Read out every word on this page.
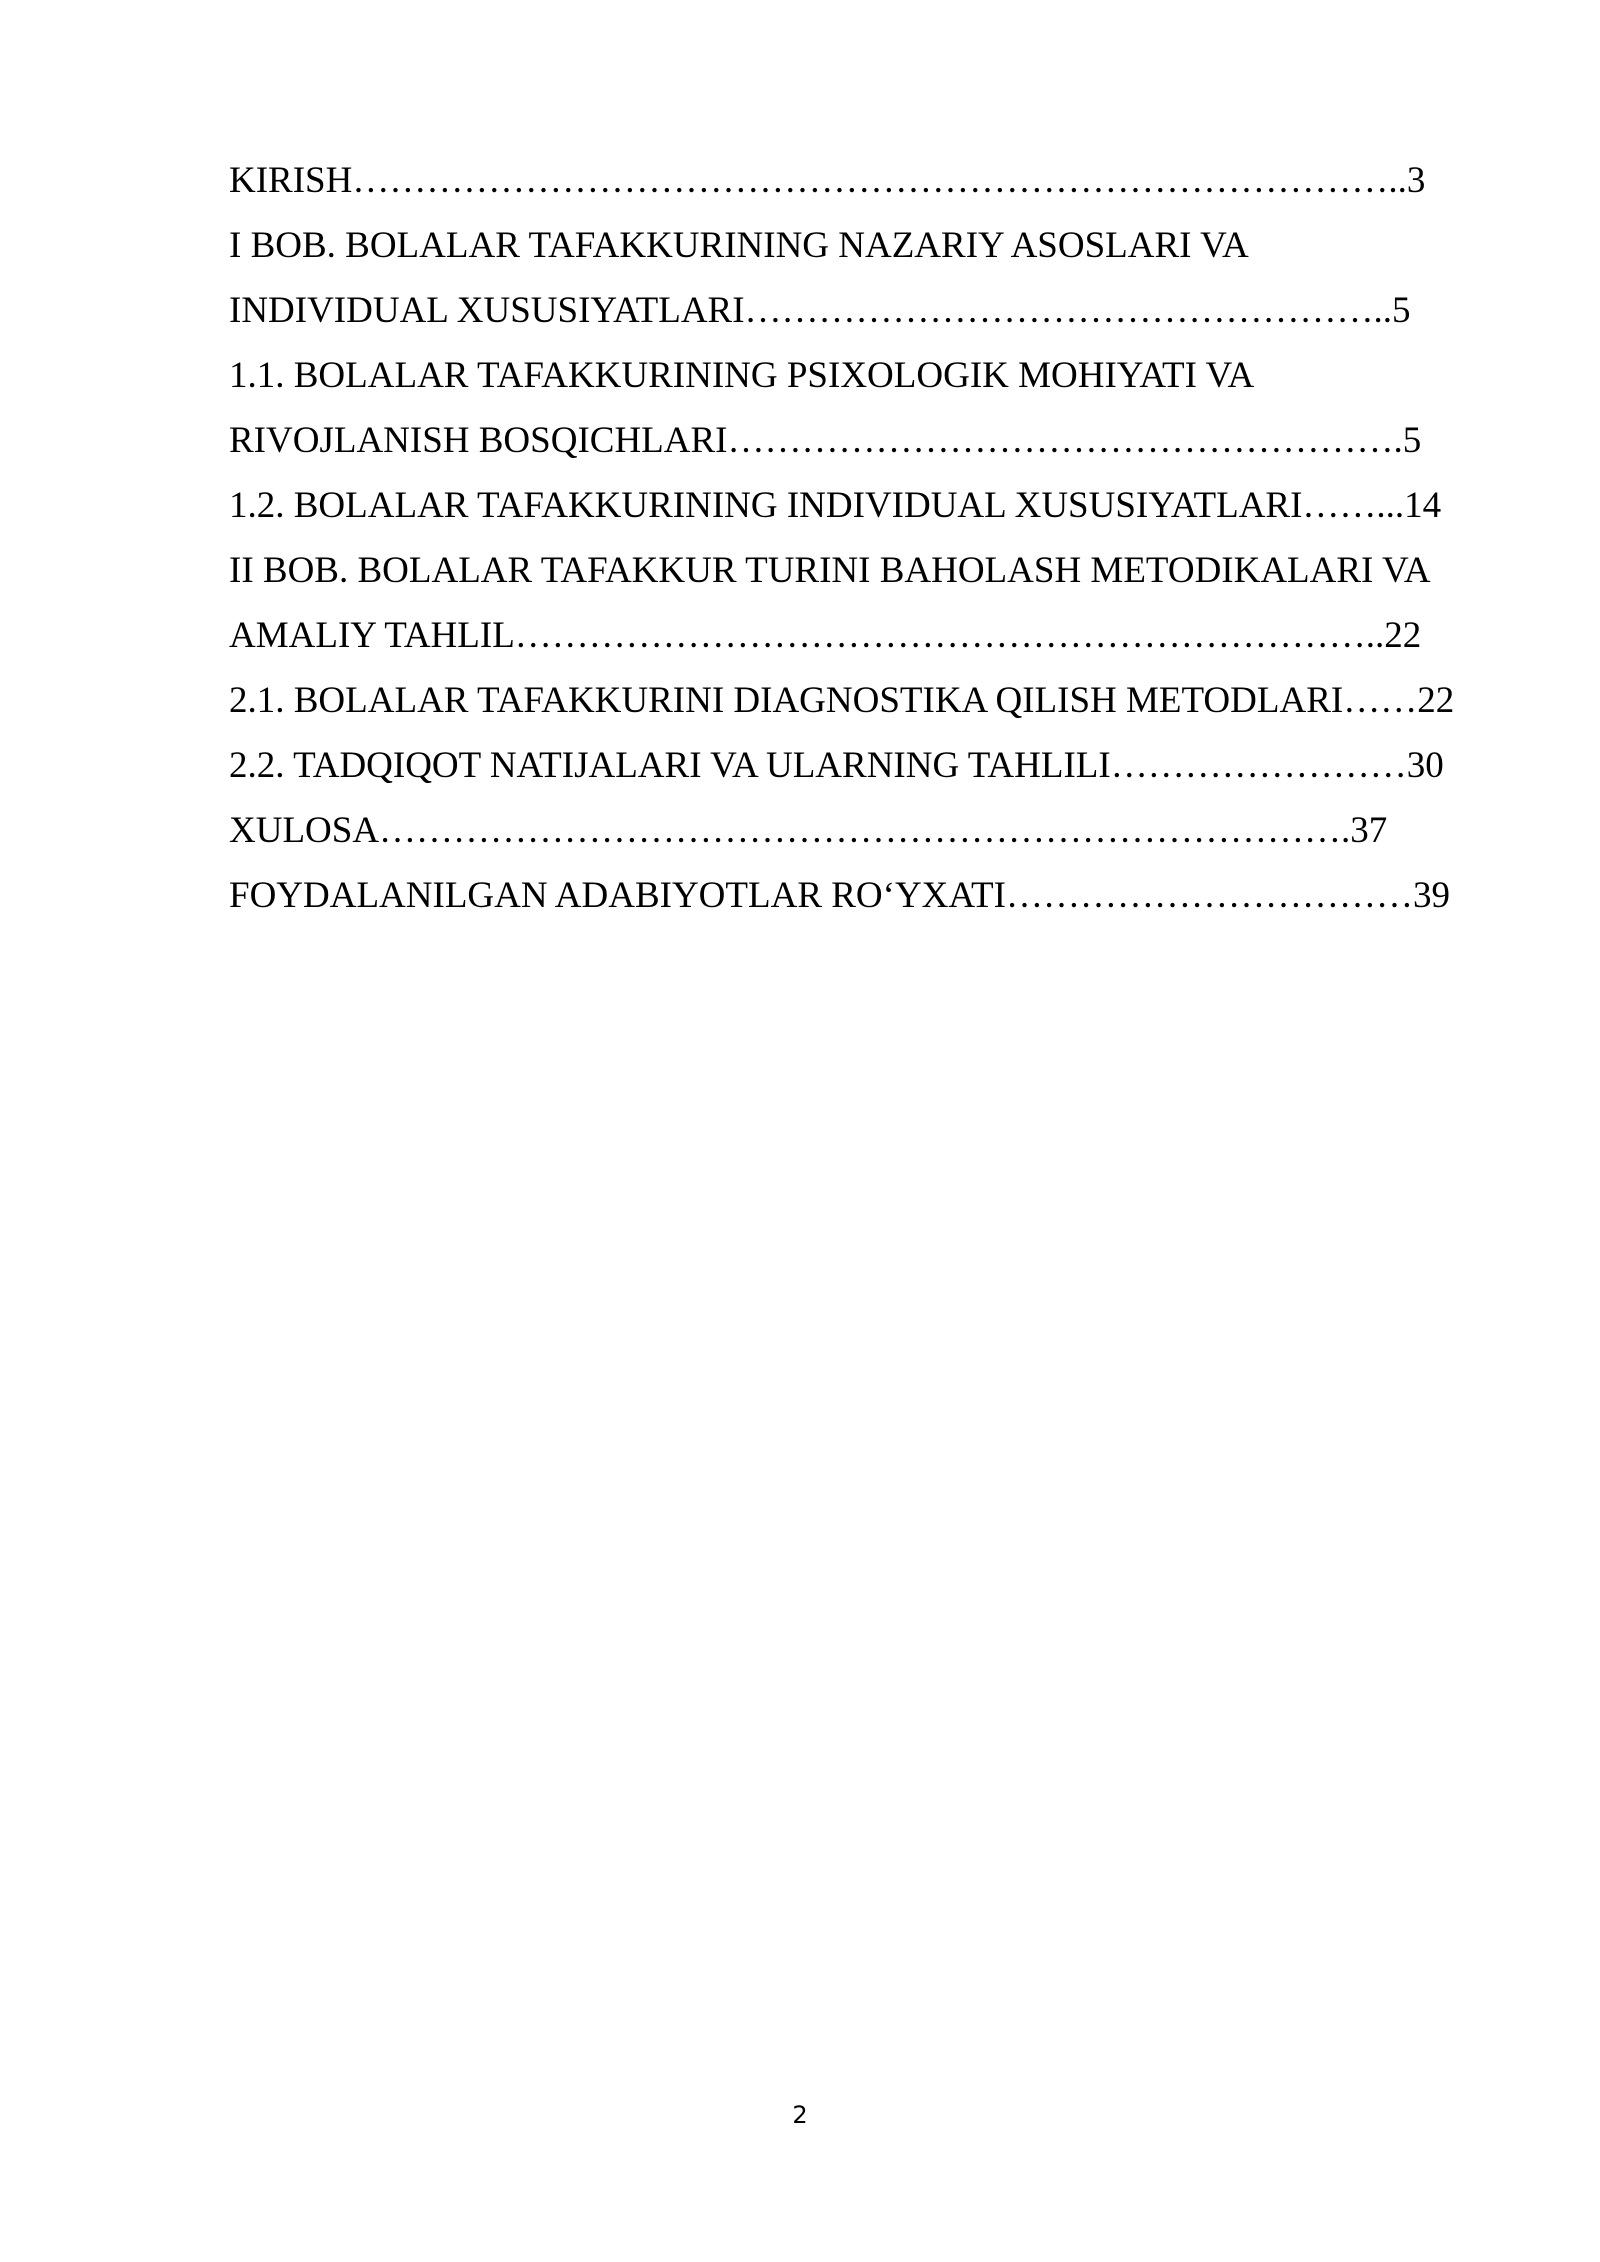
KIRISH…………………………………………………………………………..3
I BOB. BOLALAR TAFAKKURINING NAZARIY ASOSLARI VA
INDIVIDUAL XUSUSIYATLARI……………………………………………..5
1.1. BOLALAR TAFAKKURINING PSIXOLOGIK MOHIYATI VA
RIVOJLANISH BOSQICHLARI……………………………………………….5
1.2. BOLALAR TAFAKKURINING INDIVIDUAL XUSUSIYATLARI……...14
II BOB. BOLALAR TAFAKKUR TURINI BAHOLASH METODIKALARI VA
AMALIY TAHLIL……………………………………………………………..22
2.1. BOLALAR TAFAKKURINI DIAGNOSTIKA QILISH METODLARI……22
2.2. TADQIQOT NATIJALARI VA ULARNING TAHLILI……………………30
XULOSA…………………………………………………………………….37
FOYDALANILGAN ADABIYOTLAR RO‘YXATI……………………………39
2
